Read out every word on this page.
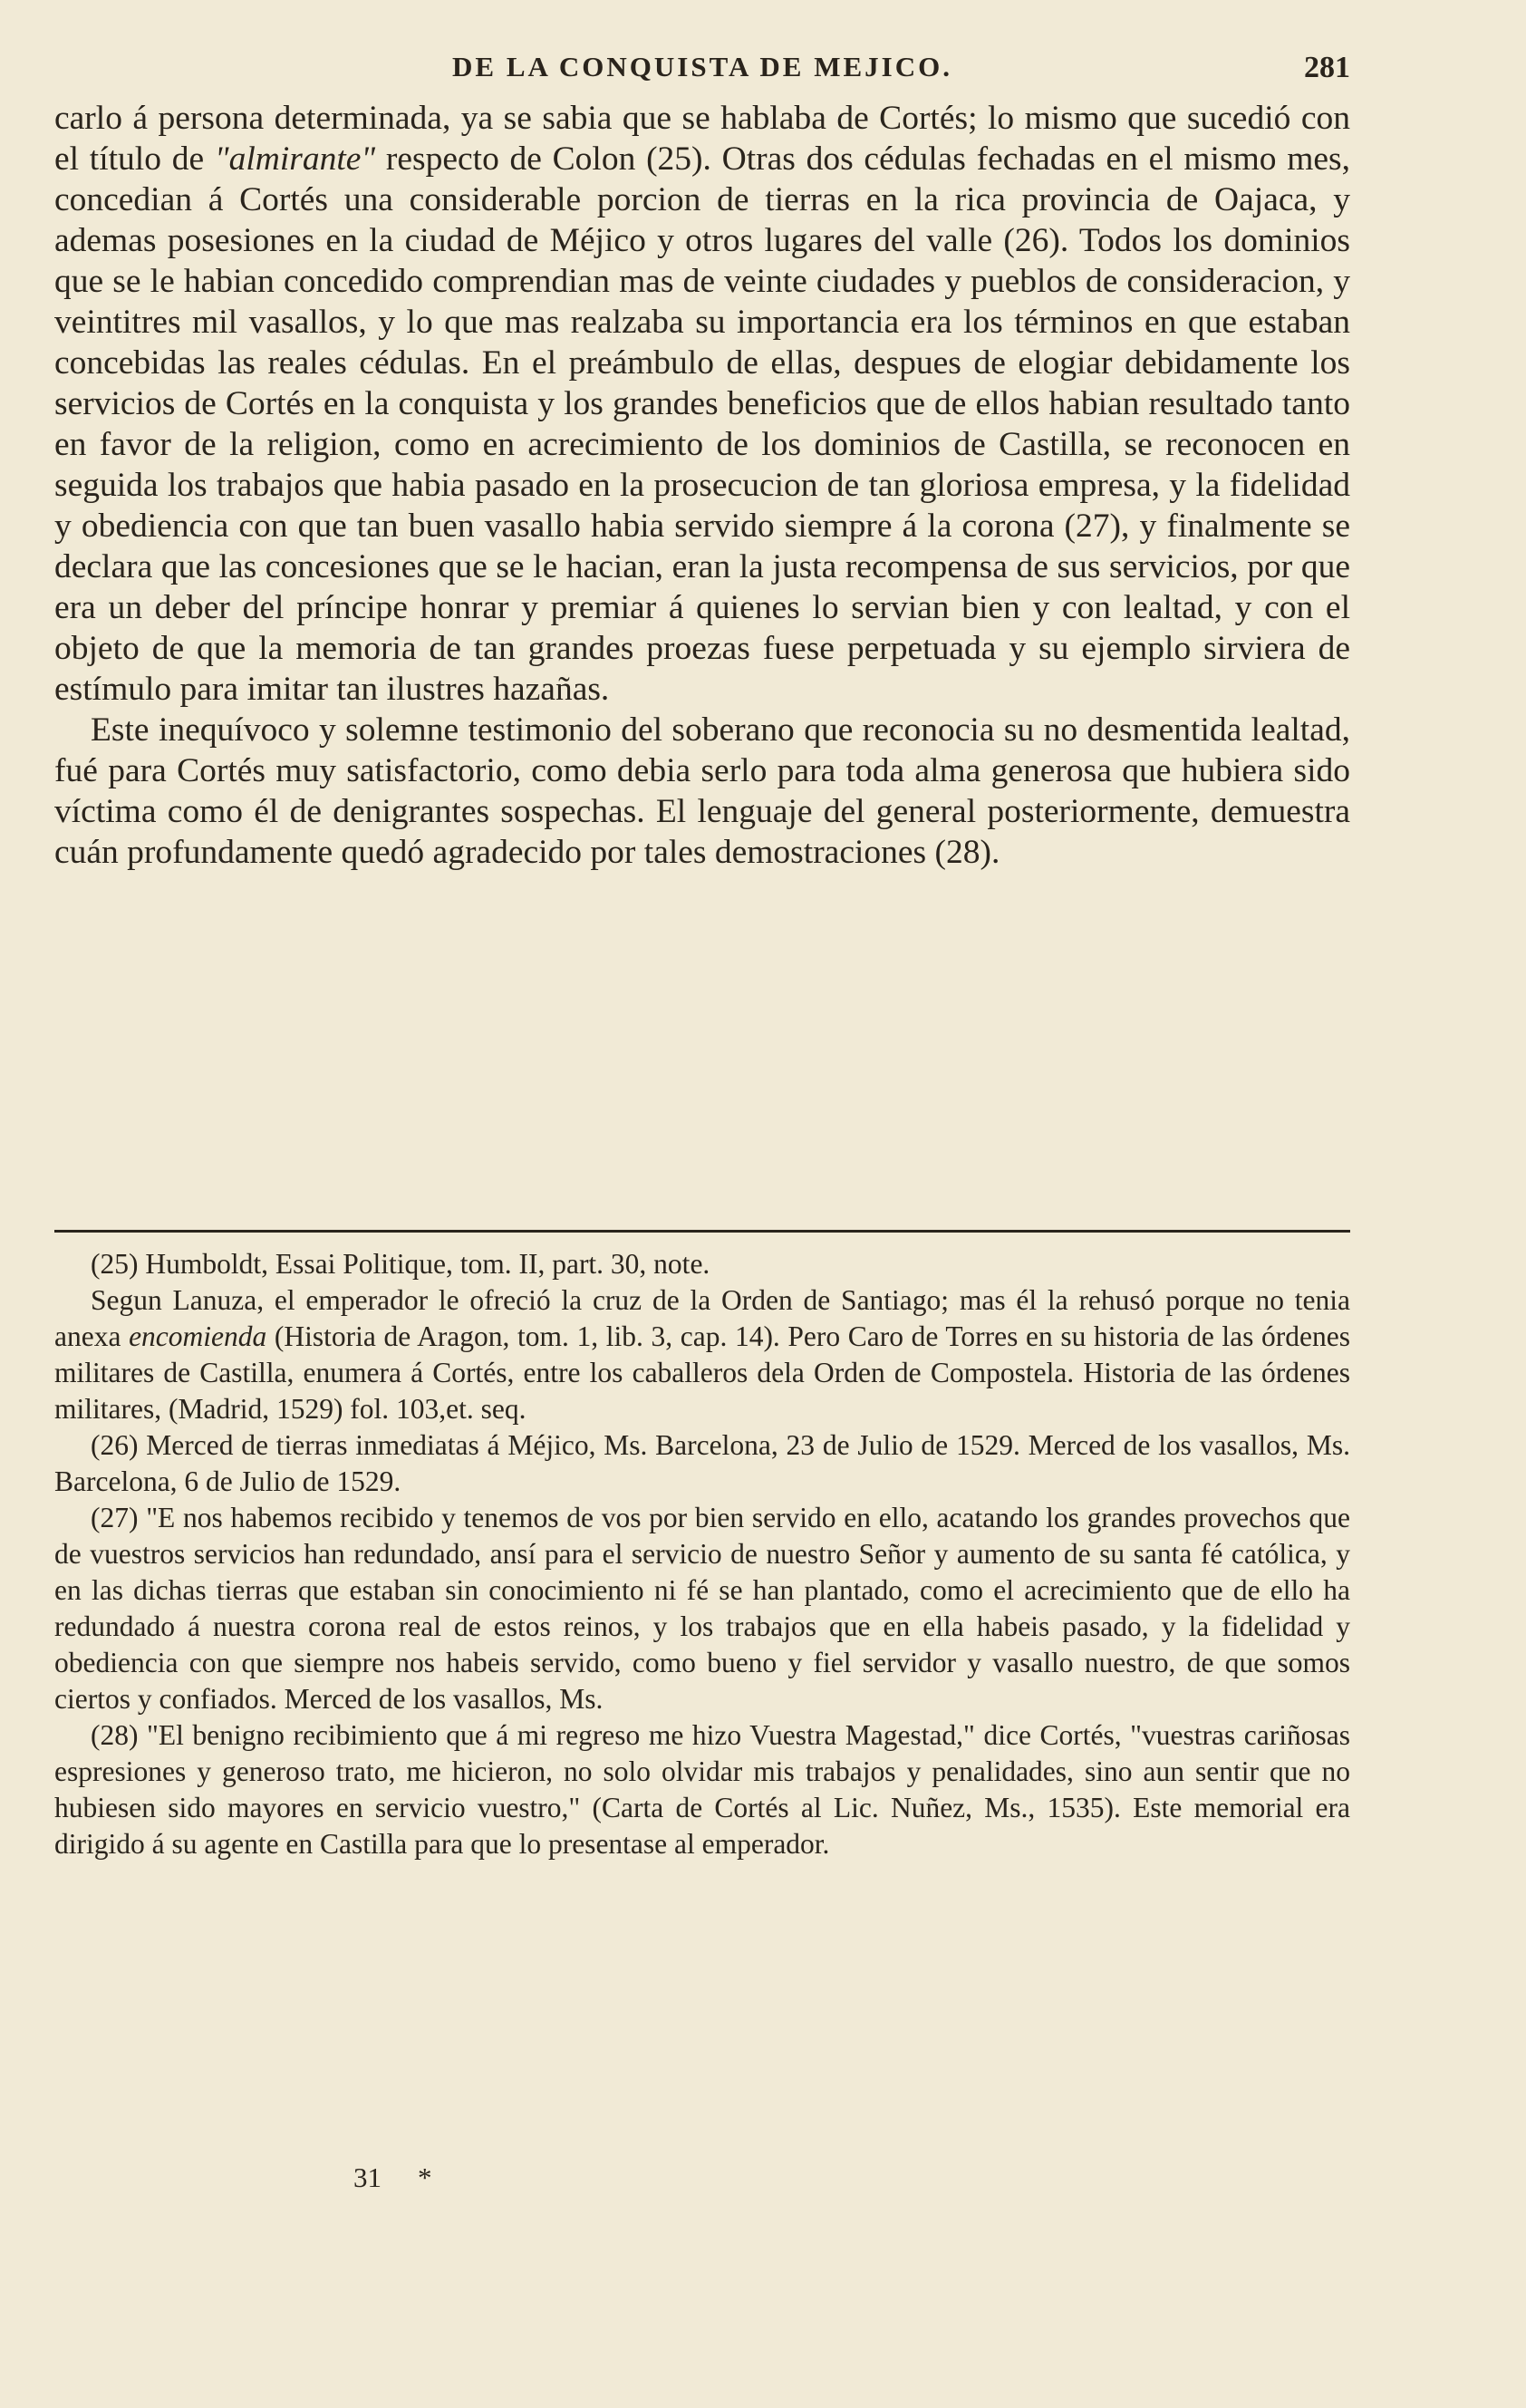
DE LA CONQUISTA DE MEJICO.	281

carlo á persona determinada, ya se sabia que se hablaba de Cortés; lo mismo que sucedió con el título de "almirante" respecto de Colon (25). Otras dos cédulas fechadas en el mismo mes, concedian á Cortés una considerable porcion de tierras en la rica provincia de Oajaca, y ademas posesiones en la ciudad de Méjico y otros lugares del valle (26). Todos los dominios que se le habian concedido comprendian mas de veinte ciudades y pueblos de consideracion, y veintitres mil vasallos, y lo que mas realzaba su importancia era los términos en que estaban concebidas las reales cédulas. En el preámbulo de ellas, despues de elogiar debidamente los servicios de Cortés en la conquista y los grandes beneficios que de ellos habian resultado tanto en favor de la religion, como en acrecimiento de los dominios de Castilla, se reconocen en seguida los trabajos que habia pasado en la prosecucion de tan gloriosa empresa, y la fidelidad y obediencia con que tan buen vasallo habia servido siempre á la corona (27), y finalmente se declara que las concesiones que se le hacian, eran la justa recompensa de sus servicios, por que era un deber del príncipe honrar y premiar á quienes lo servian bien y con lealtad, y con el objeto de que la memoria de tan grandes proezas fuese perpetuada y su ejemplo sirviera de estímulo para imitar tan ilustres hazañas.

Este inequívoco y solemne testimonio del soberano que reconocia su no desmentida lealtad, fué para Cortés muy satisfactorio, como debia serlo para toda alma generosa que hubiera sido víctima como él de denigrantes sospechas. El lenguaje del general posteriormente, demuestra cuán profundamente quedó agradecido por tales demostraciones (28).

(25) Humboldt, Essai Politique, tom. II, part. 30, note.

Segun Lanuza, el emperador le ofreció la cruz de la Orden de Santiago; mas él la rehusó porque no tenia anexa encomienda (Historia de Aragon, tom. 1, lib. 3, cap. 14). Pero Caro de Torres en su historia de las órdenes militares de Castilla, enumera á Cortés, entre los caballeros dela Orden de Compostela. Historia de las órdenes militares, (Madrid, 1529) fol. 103,et. seq.

(26) Merced de tierras inmediatas á Méjico, Ms. Barcelona, 23 de Julio de 1529. Merced de los vasallos, Ms. Barcelona, 6 de Julio de 1529.

(27) "E nos habemos recibido y tenemos de vos por bien servido en ello, acatando los grandes provechos que de vuestros servicios han redundado, ansí para el servicio de nuestro Señor y aumento de su santa fé católica, y en las dichas tierras que estaban sin conocimiento ni fé se han plantado, como el acrecimiento que de ello ha redundado á nuestra corona real de estos reinos, y los trabajos que en ella habeis pasado, y la fidelidad y obediencia con que siempre nos habeis servido, como bueno y fiel servidor y vasallo nuestro, de que somos ciertos y confiados. Merced de los vasallos, Ms.

(28) "El benigno recibimiento que á mi regreso me hizo Vuestra Magestad," dice Cortés, "vuestras cariñosas espresiones y generoso trato, me hicieron, no solo olvidar mis trabajos y penalidades, sino aun sentir que no hubiesen sido mayores en servicio vuestro," (Carta de Cortés al Lic. Nuñez, Ms., 1535). Este memorial era dirigido á su agente en Castilla para que lo presentase al emperador.

31 *
